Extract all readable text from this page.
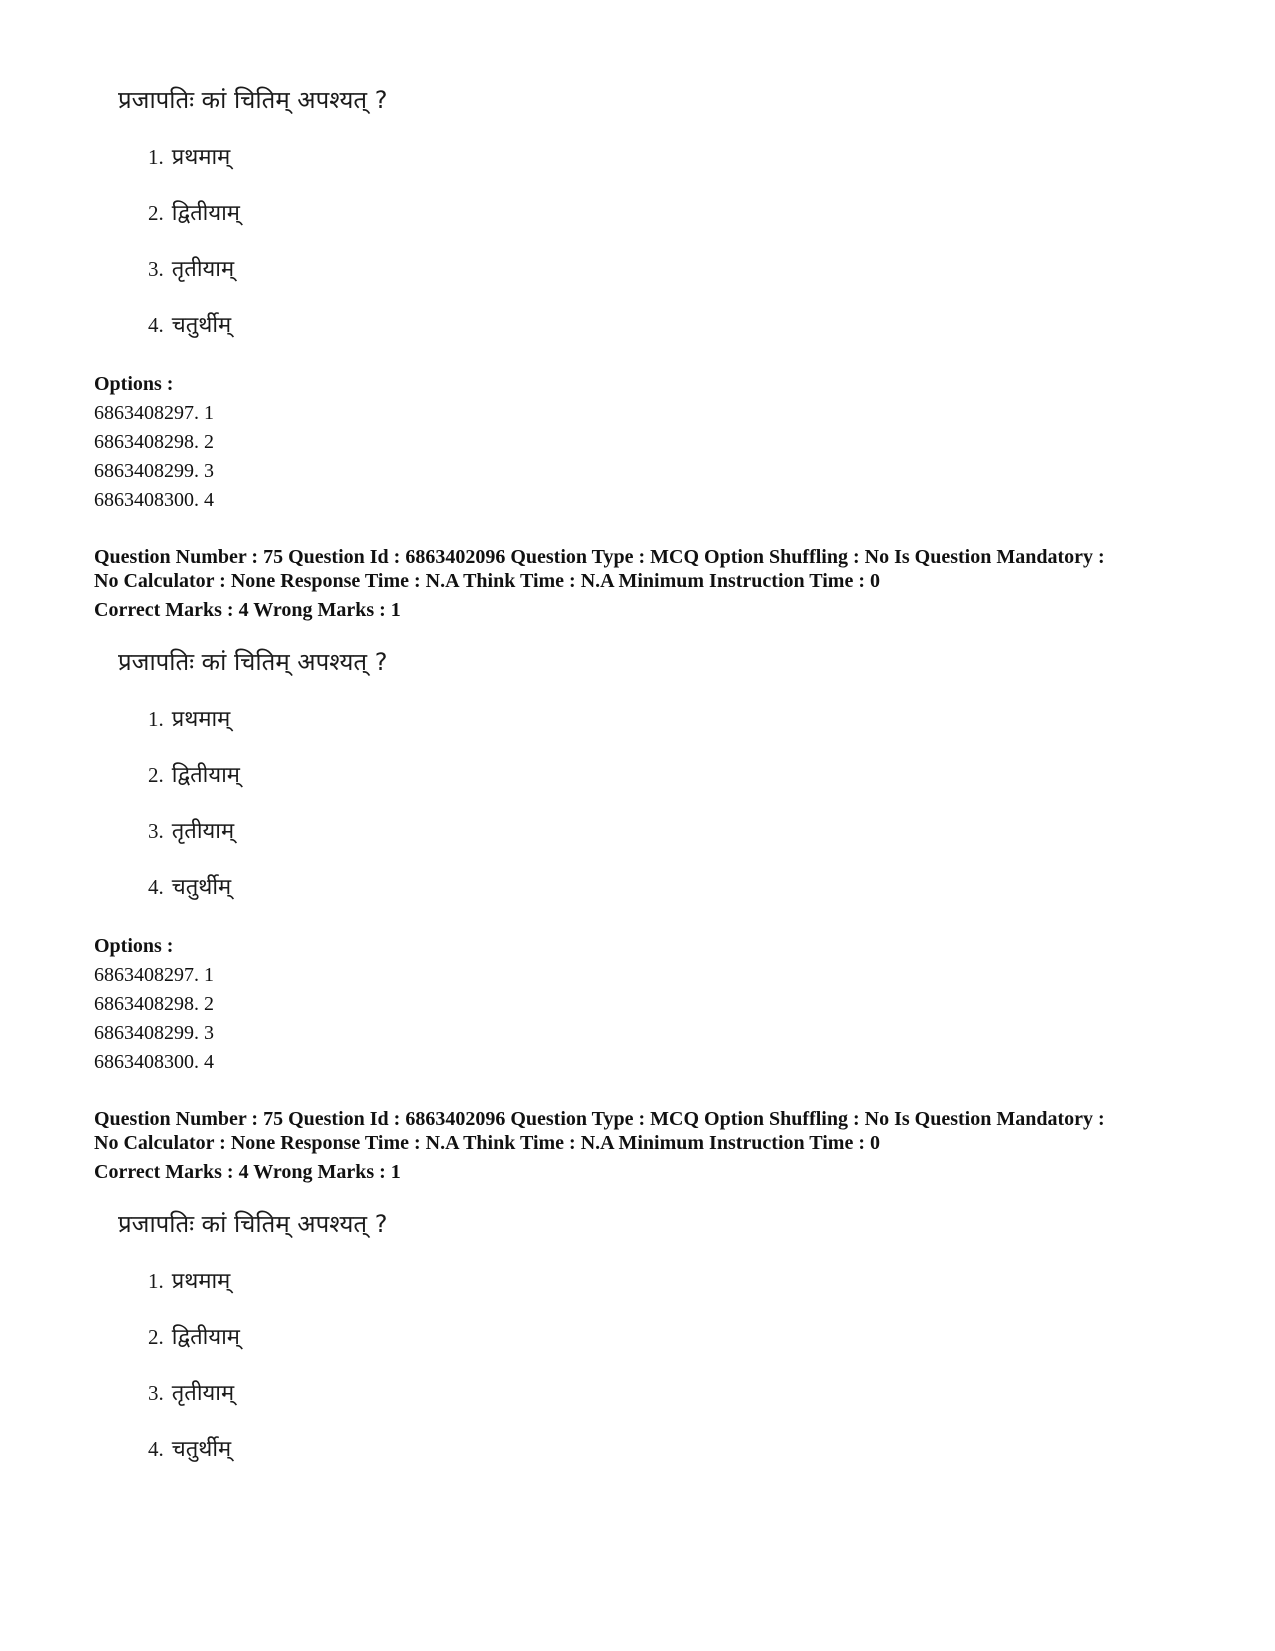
प्रजापतिः कां चितिम् अपश्यत् ?
1. प्रथमाम्
2. द्वितीयाम्
3. तृतीयाम्
4. चतुर्थीम्
Options :
6863408297. 1
6863408298. 2
6863408299. 3
6863408300. 4
Question Number : 75 Question Id : 6863402096 Question Type : MCQ Option Shuffling : No Is Question Mandatory :
No Calculator : None Response Time : N.A Think Time : N.A Minimum Instruction Time : 0
Correct Marks : 4 Wrong Marks : 1
प्रजापतिः कां चितिम् अपश्यत् ?
1. प्रथमाम्
2. द्वितीयाम्
3. तृतीयाम्
4. चतुर्थीम्
Options :
6863408297. 1
6863408298. 2
6863408299. 3
6863408300. 4
Question Number : 75 Question Id : 6863402096 Question Type : MCQ Option Shuffling : No Is Question Mandatory :
No Calculator : None Response Time : N.A Think Time : N.A Minimum Instruction Time : 0
Correct Marks : 4 Wrong Marks : 1
प्रजापतिः कां चितिम् अपश्यत् ?
1. प्रथमाम्
2. द्वितीयाम्
3. तृतीयाम्
4. चतुर्थीम्
